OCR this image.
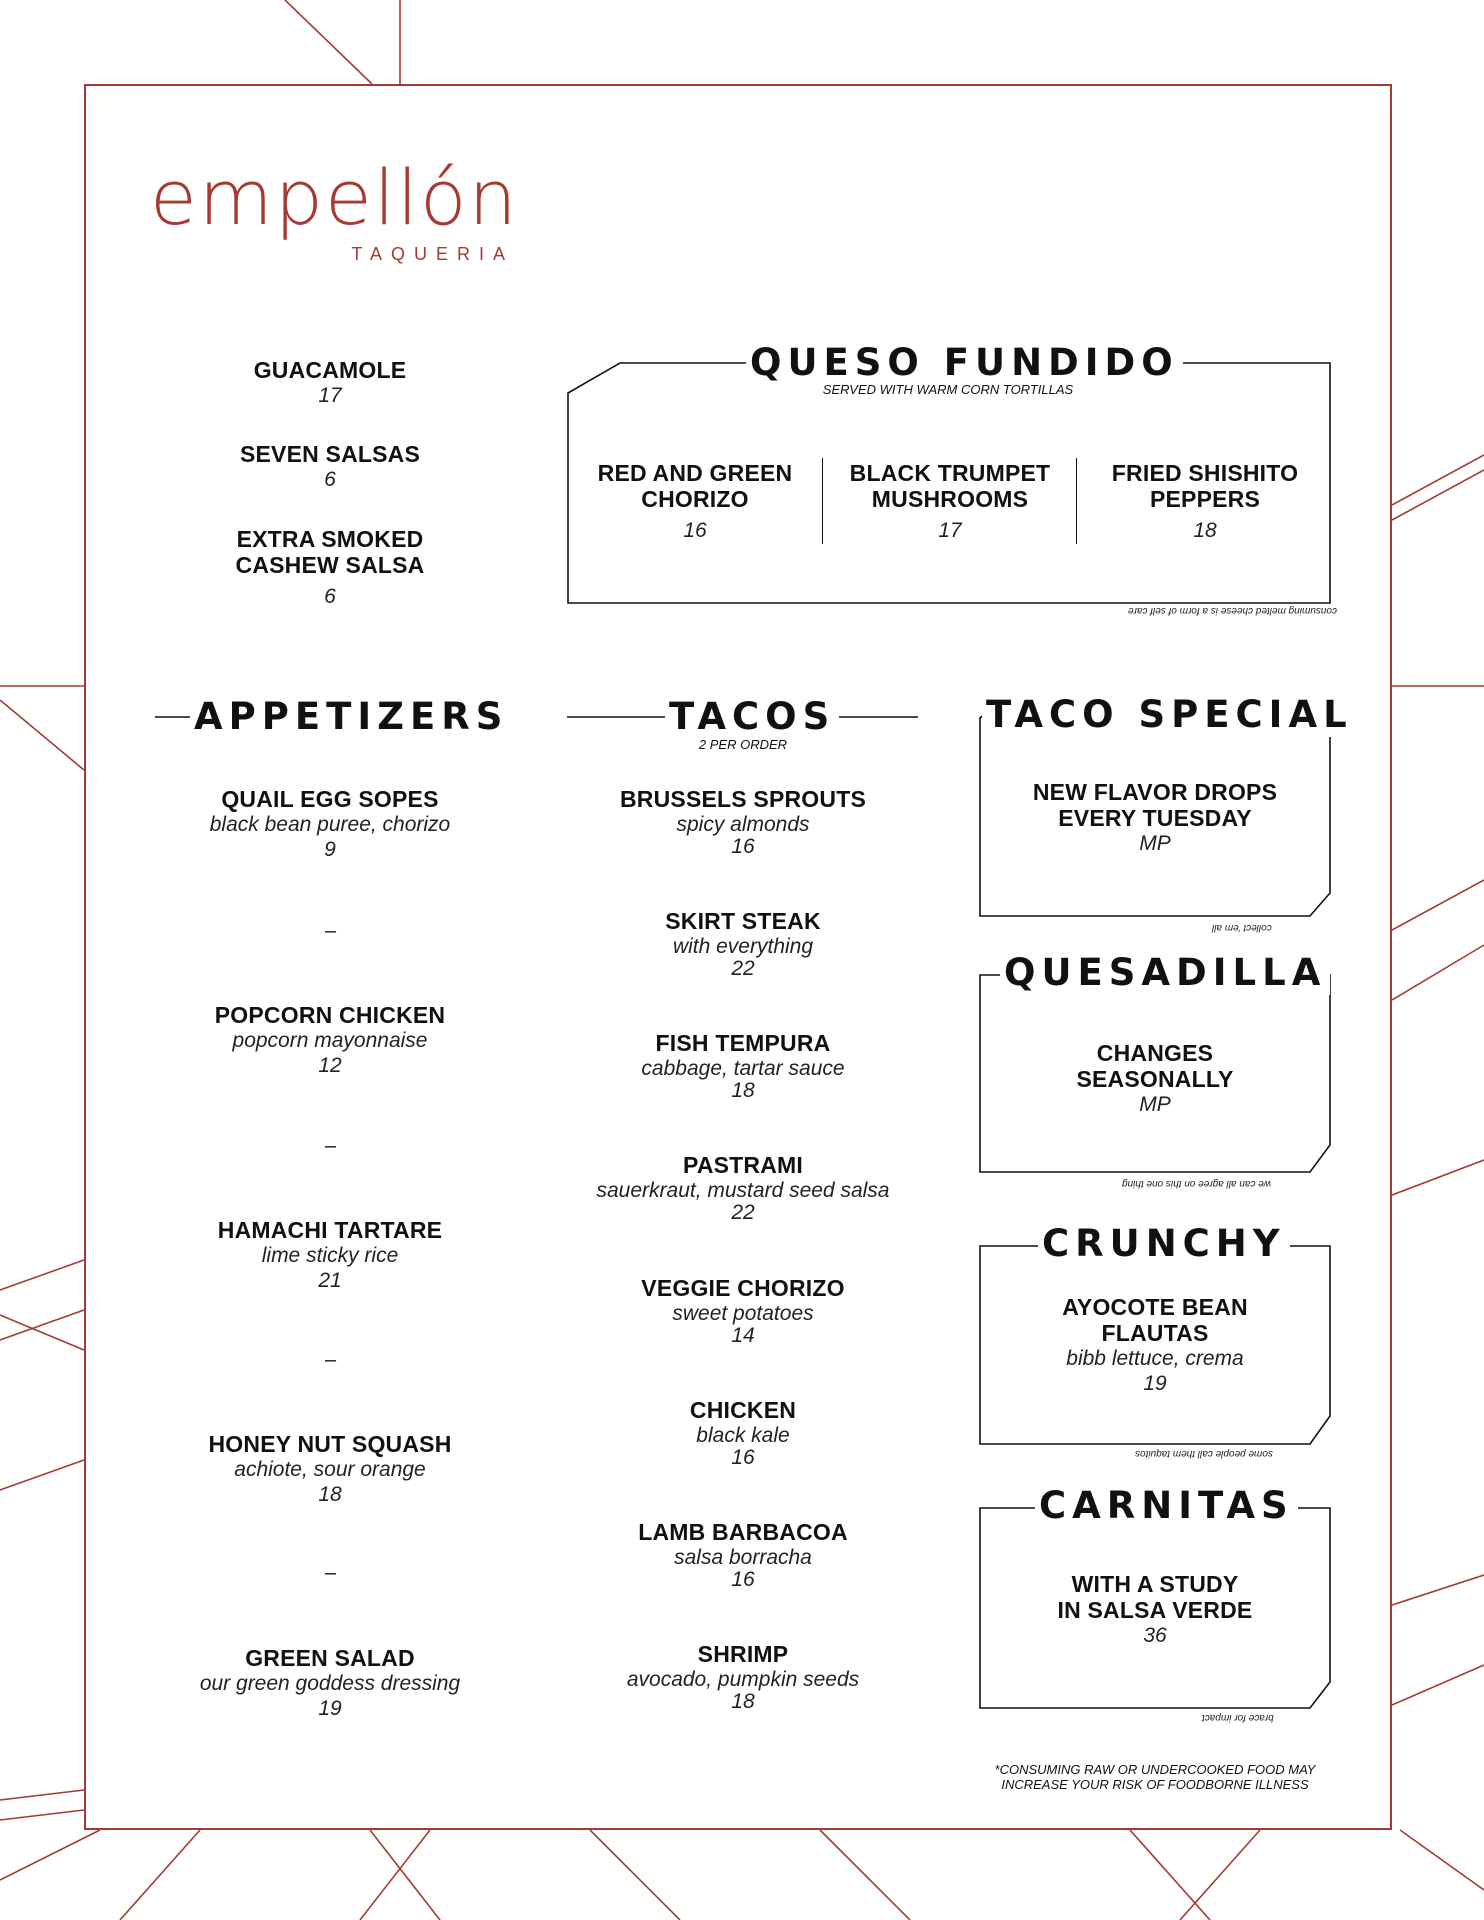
empellón
TAQUERIA
GUACAMOLE
17
SEVEN SALSAS
6
EXTRA SMOKED
CASHEW SALSA
6
QUESO FUNDIDO
SERVED WITH WARM CORN TORTILLAS
RED AND GREEN
CHORIZO
16
BLACK TRUMPET
MUSHROOMS
17
FRIED SHISHITO
PEPPERS
18
consuming melted cheese is a form of self care
APPETIZERS
QUAIL EGG SOPES
black bean puree, chorizo
9
–
POPCORN CHICKEN
popcorn mayonnaise
12
–
HAMACHI TARTARE
lime sticky rice
21
–
HONEY NUT SQUASH
achiote, sour orange
18
–
GREEN SALAD
our green goddess dressing
19
TACOS
2 PER ORDER
BRUSSELS SPROUTS
spicy almonds
16
SKIRT STEAK
with everything
22
FISH TEMPURA
cabbage, tartar sauce
18
PASTRAMI
sauerkraut, mustard seed salsa
22
VEGGIE CHORIZO
sweet potatoes
14
CHICKEN
black kale
16
LAMB BARBACOA
salsa borracha
16
SHRIMP
avocado, pumpkin seeds
18
TACO SPECIAL
NEW FLAVOR DROPS
EVERY TUESDAY
MP
collect 'em all
QUESADILLA
CHANGES
SEASONALLY
MP
we can all agree on this one thing
CRUNCHY
AYOCOTE BEAN
FLAUTAS
bibb lettuce, crema
19
some people call them taquitos
CARNITAS
WITH A STUDY
IN SALSA VERDE
36
brace for impact
*CONSUMING RAW OR UNDERCOOKED FOOD MAY
INCREASE YOUR RISK OF FOODBORNE ILLNESS
